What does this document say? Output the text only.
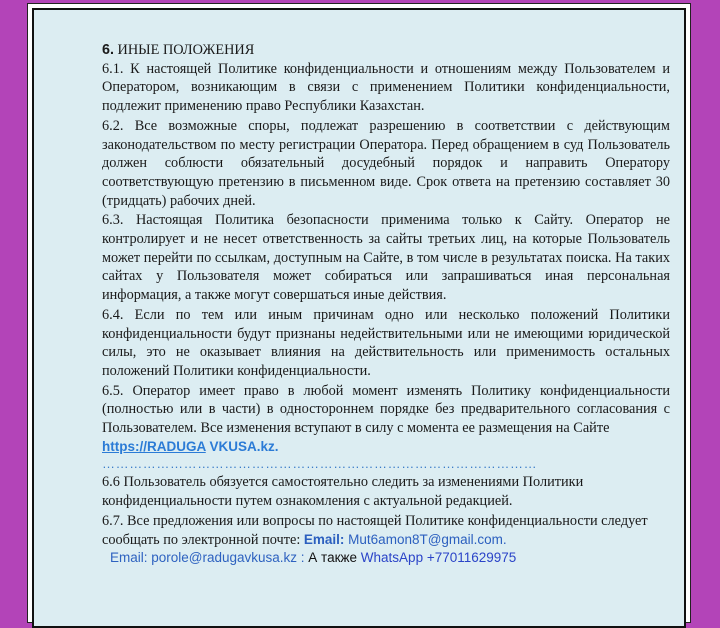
6. ИНЫЕ ПОЛОЖЕНИЯ

6.1. К настоящей Политике конфиденциальности и отношениям между Пользователем и Оператором, возникающим в связи с применением Политики конфиденциальности, подлежит применению право Республики Казахстан.

6.2. Все возможные споры, подлежат разрешению в соответствии с действующим законодательством по месту регистрации Оператора. Перед обращением в суд Пользователь должен соблюсти обязательный досудебный порядок и направить Оператору соответствующую претензию в письменном виде. Срок ответа на претензию составляет 30 (тридцать) рабочих дней.

6.3. Настоящая Политика безопасности применима только к Сайту. Оператор не контролирует и не несет ответственность за сайты третьих лиц, на которые Пользователь может перейти по ссылкам, доступным на Сайте, в том числе в результатах поиска. На таких сайтах у Пользователя может собираться или запрашиваться иная персональная информация, а также могут совершаться иные действия.

6.4. Если по тем или иным причинам одно или несколько положений Политики конфиденциальности будут признаны недействительными или не имеющими юридической силы, это не оказывает влияния на действительность или применимость остальных положений Политики конфиденциальности.

6.5. Оператор имеет право в любой момент изменять Политику конфиденциальности (полностью или в части) в одностороннем порядке без предварительного согласования с Пользователем. Все изменения вступают в силу с момента ее размещения на Сайте

https://RADUGA VKUSA.kz.

……………………………………………………………………………………

6.6 Пользователь обязуется самостоятельно следить за изменениями Политики конфиденциальности путем ознакомления с актуальной редакцией.

6.7. Все предложения или вопросы по настоящей Политике конфиденциальности следует сообщать по электронной почте: Email: Mut6amon8T@gmail.com.

Email: porole@radugavkusa.kz : А также WhatsApp +77011629975
